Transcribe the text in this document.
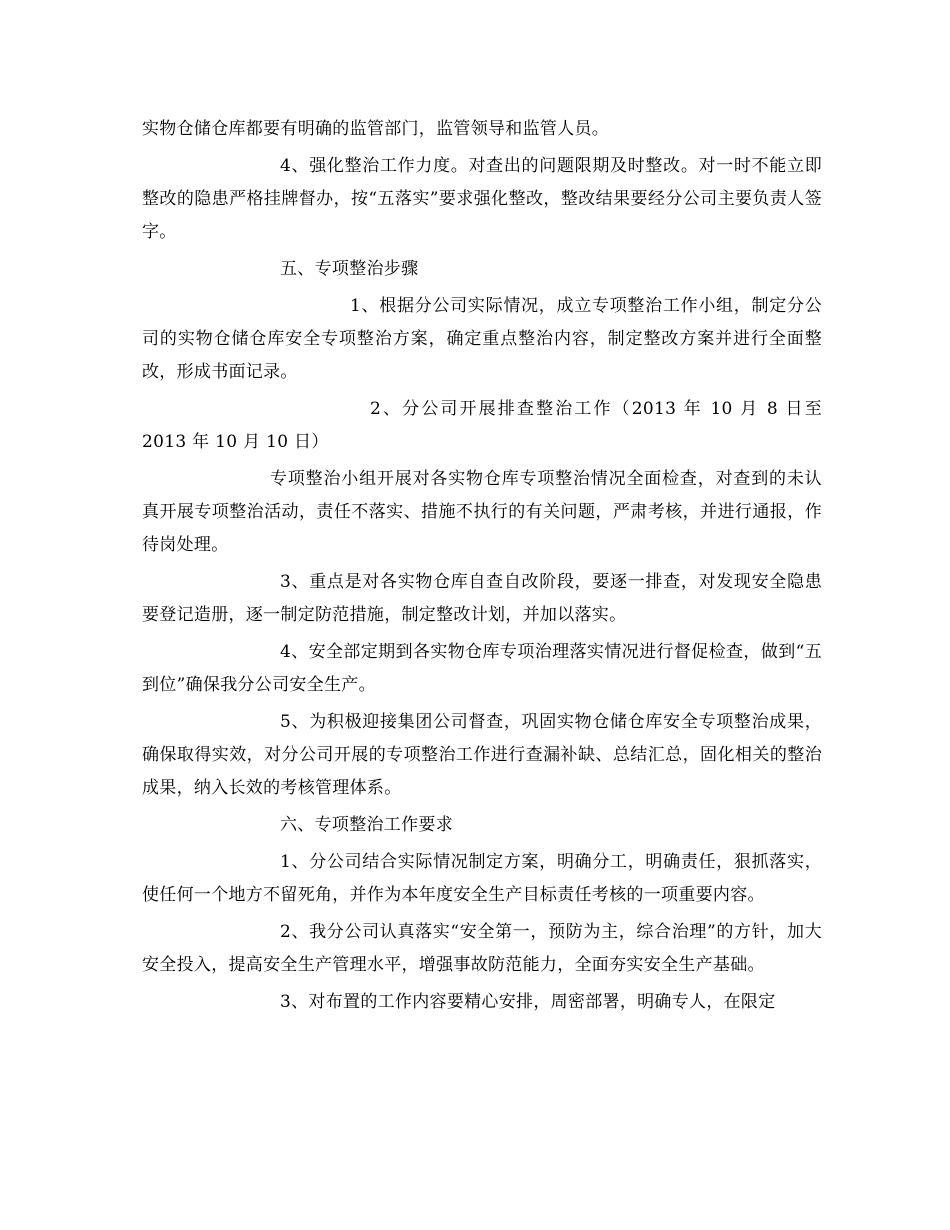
实物仓储仓库都要有明确的监管部门，监管领导和监管人员。

4、强化整治工作力度。对查出的问题限期及时整改。对一时不能立即整改的隐患严格挂牌督办，按“五落实”要求强化整改，整改结果要经分公司主要负责人签字。

五、专项整治步骤

1、根据分公司实际情况，成立专项整治工作小组，制定分公司的实物仓储仓库安全专项整治方案，确定重点整治内容，制定整改方案并进行全面整改，形成书面记录。

2、分公司开展排查整治工作（2013 年 10 月 8 日至 2013 年 10 月 10 日）

专项整治小组开展对各实物仓库专项整治情况全面检查，对查到的未认真开展专项整治活动，责任不落实、措施不执行的有关问题，严肃考核，并进行通报，作待岗处理。

3、重点是对各实物仓库自查自改阶段，要逐一排查，对发现安全隐患要登记造册，逐一制定防范措施，制定整改计划，并加以落实。

4、安全部定期到各实物仓库专项治理落实情况进行督促检查，做到“五到位”确保我分公司安全生产。

5、为积极迎接集团公司督查，巩固实物仓储仓库安全专项整治成果，确保取得实效，对分公司开展的专项整治工作进行查漏补缺、总结汇总，固化相关的整治成果，纳入长效的考核管理体系。

六、专项整治工作要求

1、分公司结合实际情况制定方案，明确分工，明确责任，狠抓落实，使任何一个地方不留死角，并作为本年度安全生产目标责任考核的一项重要内容。

2、我分公司认真落实“安全第一，预防为主，综合治理”的方针，加大安全投入，提高安全生产管理水平，增强事故防范能力，全面夯实安全生产基础。

3、对布置的工作内容要精心安排，周密部署，明确专人，在限定
